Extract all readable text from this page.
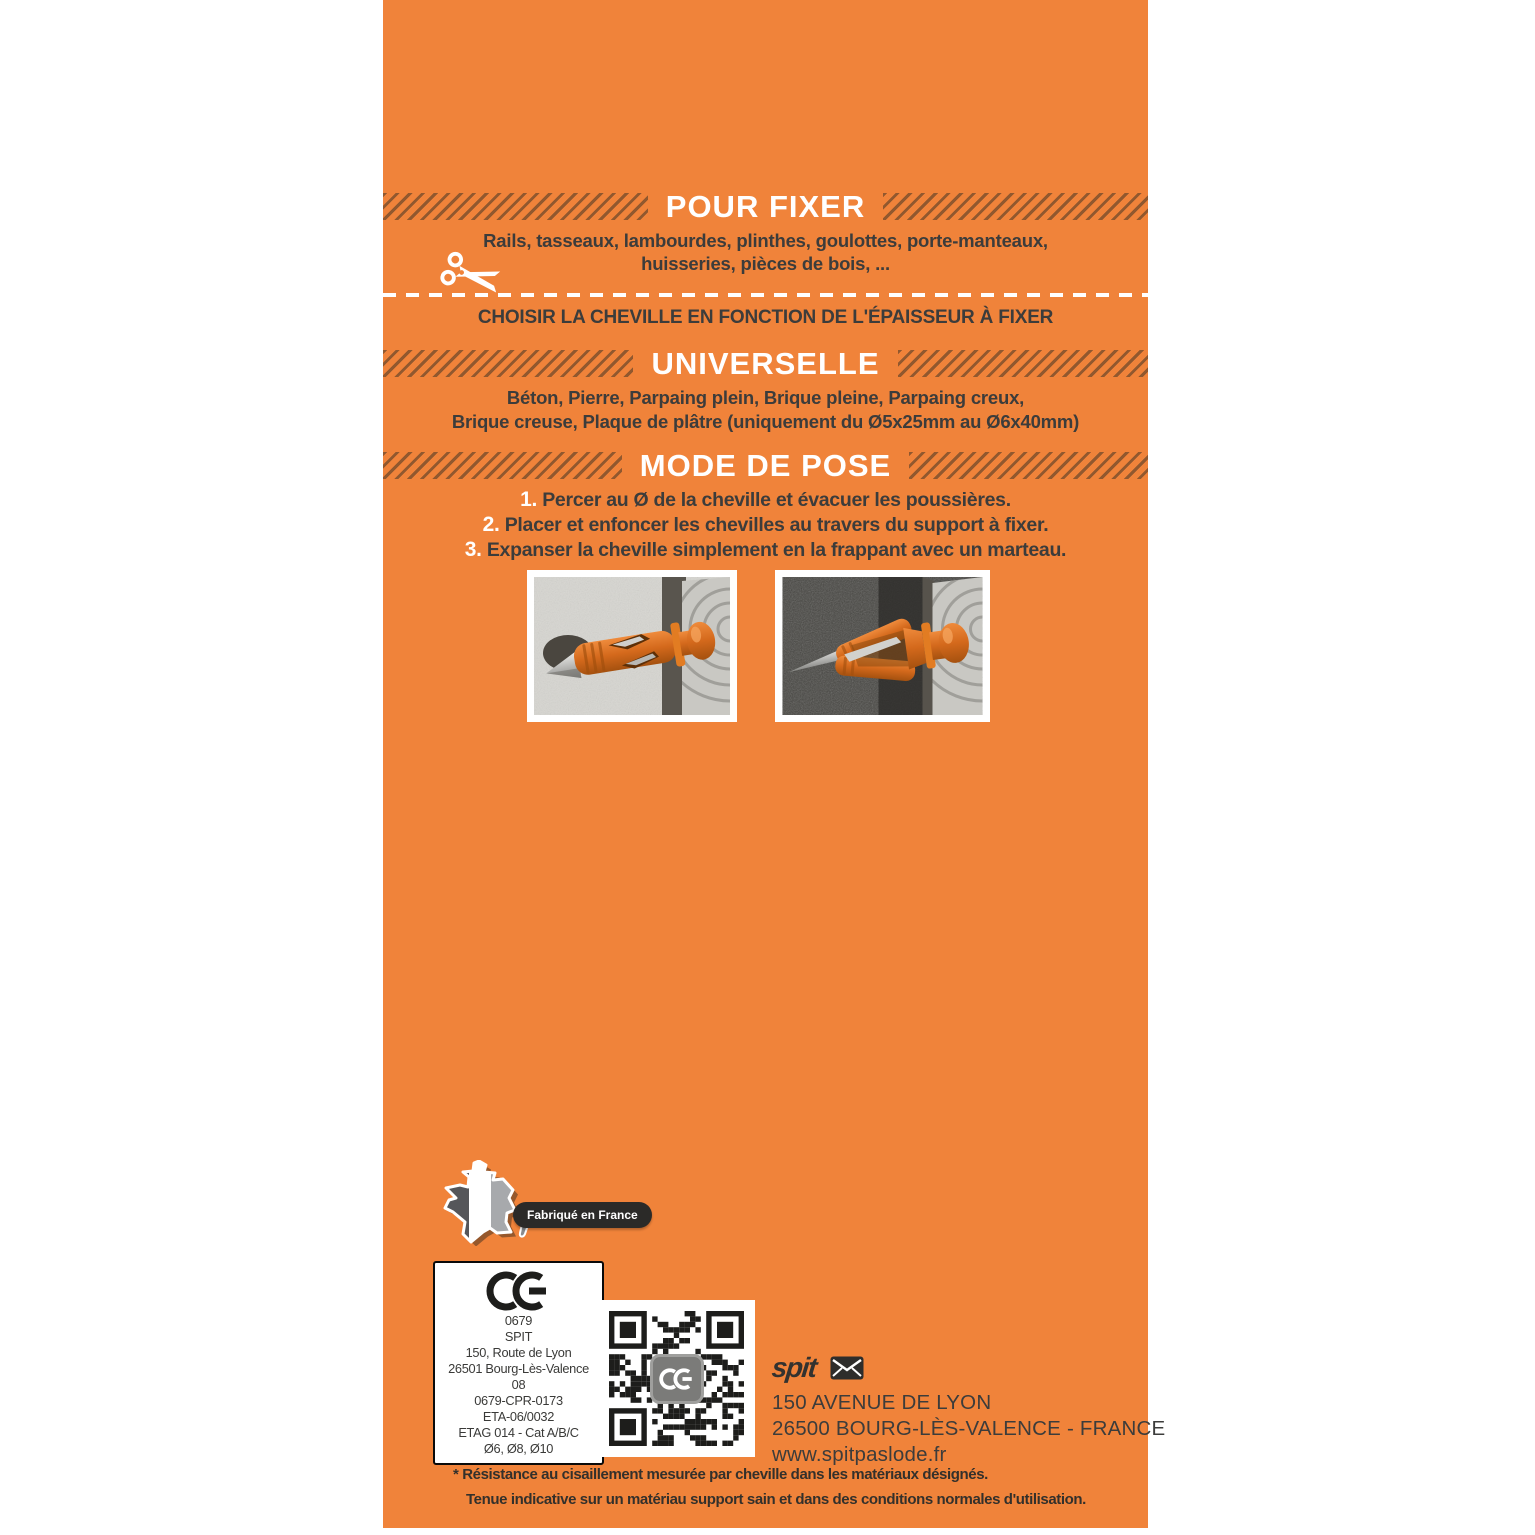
POUR FIXER
Rails, tasseaux, lambourdes, plinthes, goulottes, porte-manteaux,
huisseries, pièces de bois, ...
CHOISIR LA CHEVILLE EN FONCTION DE L'ÉPAISSEUR À FIXER
UNIVERSELLE
Béton, Pierre, Parpaing plein, Brique pleine, Parpaing creux,
Brique creuse, Plaque de plâtre (uniquement du Ø5x25mm au Ø6x40mm)
MODE DE POSE
1. Percer au Ø de la cheville et évacuer les poussières.
2. Placer et enfoncer les chevilles au travers du support à fixer.
3. Expanser la cheville simplement en la frappant avec un marteau.
Fabriqué en France
0679
SPIT
150, Route de Lyon
26501 Bourg-Lès-Valence
08
0679-CPR-0173
ETA-06/0032
ETAG 014 - Cat A/B/C
Ø6, Ø8, Ø10
spit
150 AVENUE DE LYON
26500 BOURG-LÈS-VALENCE - FRANCE
www.spitpaslode.fr
* Résistance au cisaillement mesurée par cheville dans les matériaux désignés.
Tenue indicative sur un matériau support sain et dans des conditions normales d'utilisation.
